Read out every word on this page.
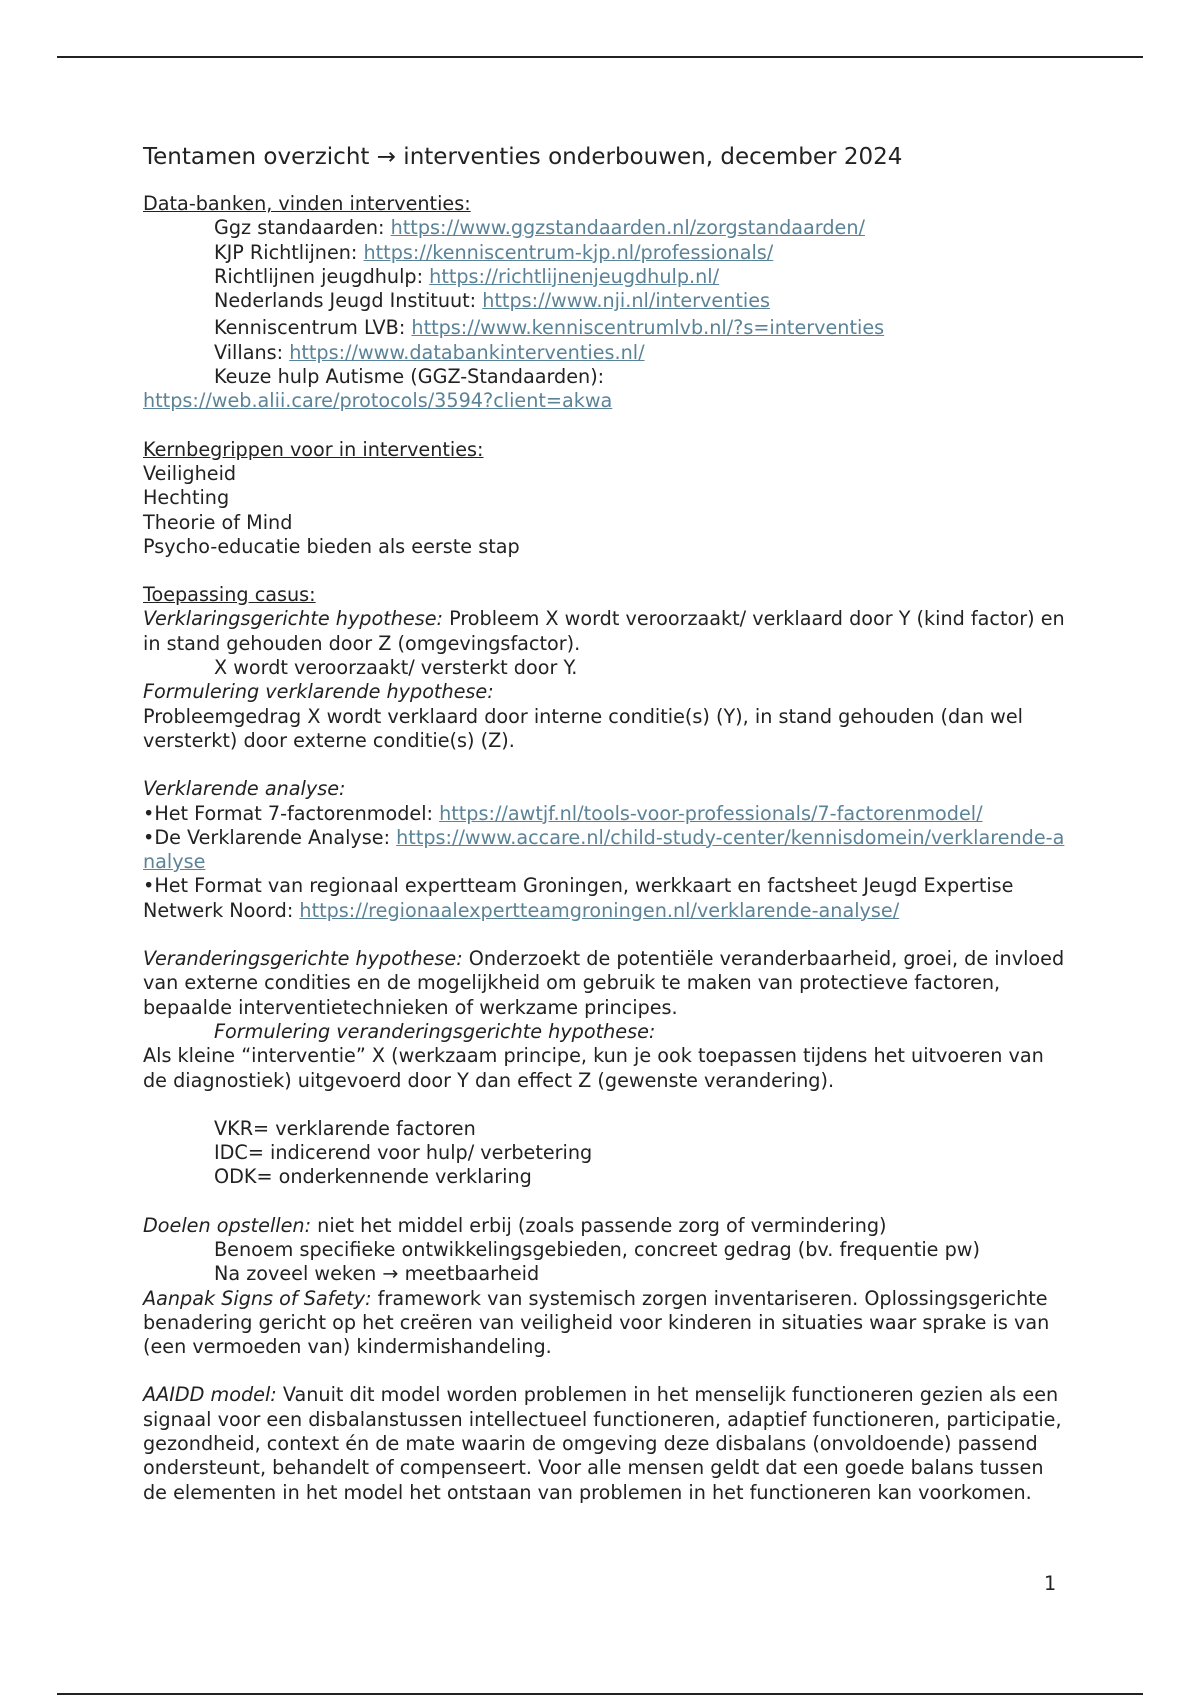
Tentamen overzicht → interventies onderbouwen, december 2024
Data-banken, vinden interventies:
Ggz standaarden: https://www.ggzstandaarden.nl/zorgstandaarden/
KJP Richtlijnen: https://kenniscentrum-kjp.nl/professionals/
Richtlijnen jeugdhulp: https://richtlijnenjeugdhulp.nl/
Nederlands Jeugd Instituut: https://www.nji.nl/interventies
Kenniscentrum LVB: https://www.kenniscentrumlvb.nl/?s=interventies
Villans: https://www.databankinterventies.nl/
Keuze hulp Autisme (GGZ-Standaarden):
https://web.alii.care/protocols/3594?client=akwa
Kernbegrippen voor in interventies:
Veiligheid
Hechting
Theorie of Mind
Psycho-educatie bieden als eerste stap
Toepassing casus:
Verklaringsgerichte hypothese: Probleem X wordt veroorzaakt/ verklaard door Y (kind factor) en in stand gehouden door Z (omgevingsfactor).
X wordt veroorzaakt/ versterkt door Y.
Formulering verklarende hypothese:
Probleemgedrag X wordt verklaard door interne conditie(s) (Y), in stand gehouden (dan wel versterkt) door externe conditie(s) (Z).
Verklarende analyse:
•Het Format 7-factorenmodel: https://awtjf.nl/tools-voor-professionals/7-factorenmodel/
•De Verklarende Analyse: https://www.accare.nl/child-study-center/kennisdomein/verklarende-analyse
•Het Format van regionaal expertteam Groningen, werkkaart en factsheet Jeugd Expertise Netwerk Noord: https://regionaalexpertteamgroningen.nl/verklarende-analyse/
Veranderingsgerichte hypothese: Onderzoekt de potentiële veranderbaarheid, groei, de invloed van externe condities en de mogelijkheid om gebruik te maken van protectieve factoren, bepaalde interventietechnieken of werkzame principes.
Formulering veranderingsgerichte hypothese:
Als kleine “interventie” X (werkzaam principe, kun je ook toepassen tijdens het uitvoeren van de diagnostiek) uitgevoerd door Y dan effect Z (gewenste verandering).
VKR= verklarende factoren
IDC= indicerend voor hulp/ verbetering
ODK= onderkennende verklaring
Doelen opstellen: niet het middel erbij (zoals passende zorg of vermindering)
Benoem specifieke ontwikkelingsgebieden, concreet gedrag (bv. frequentie pw)
Na zoveel weken → meetbaarheid
Aanpak Signs of Safety: framework van systemisch zorgen inventariseren. Oplossingsgerichte benadering gericht op het creëren van veiligheid voor kinderen in situaties waar sprake is van (een vermoeden van) kindermishandeling.
AAIDD model: Vanuit dit model worden problemen in het menselijk functioneren gezien als een signaal voor een disbalanstussen intellectueel functioneren, adaptief functioneren, participatie, gezondheid, context én de mate waarin de omgeving deze disbalans (onvoldoende) passend ondersteunt, behandelt of compenseert. Voor alle mensen geldt dat een goede balans tussen de elementen in het model het ontstaan van problemen in het functioneren kan voorkomen.
1
